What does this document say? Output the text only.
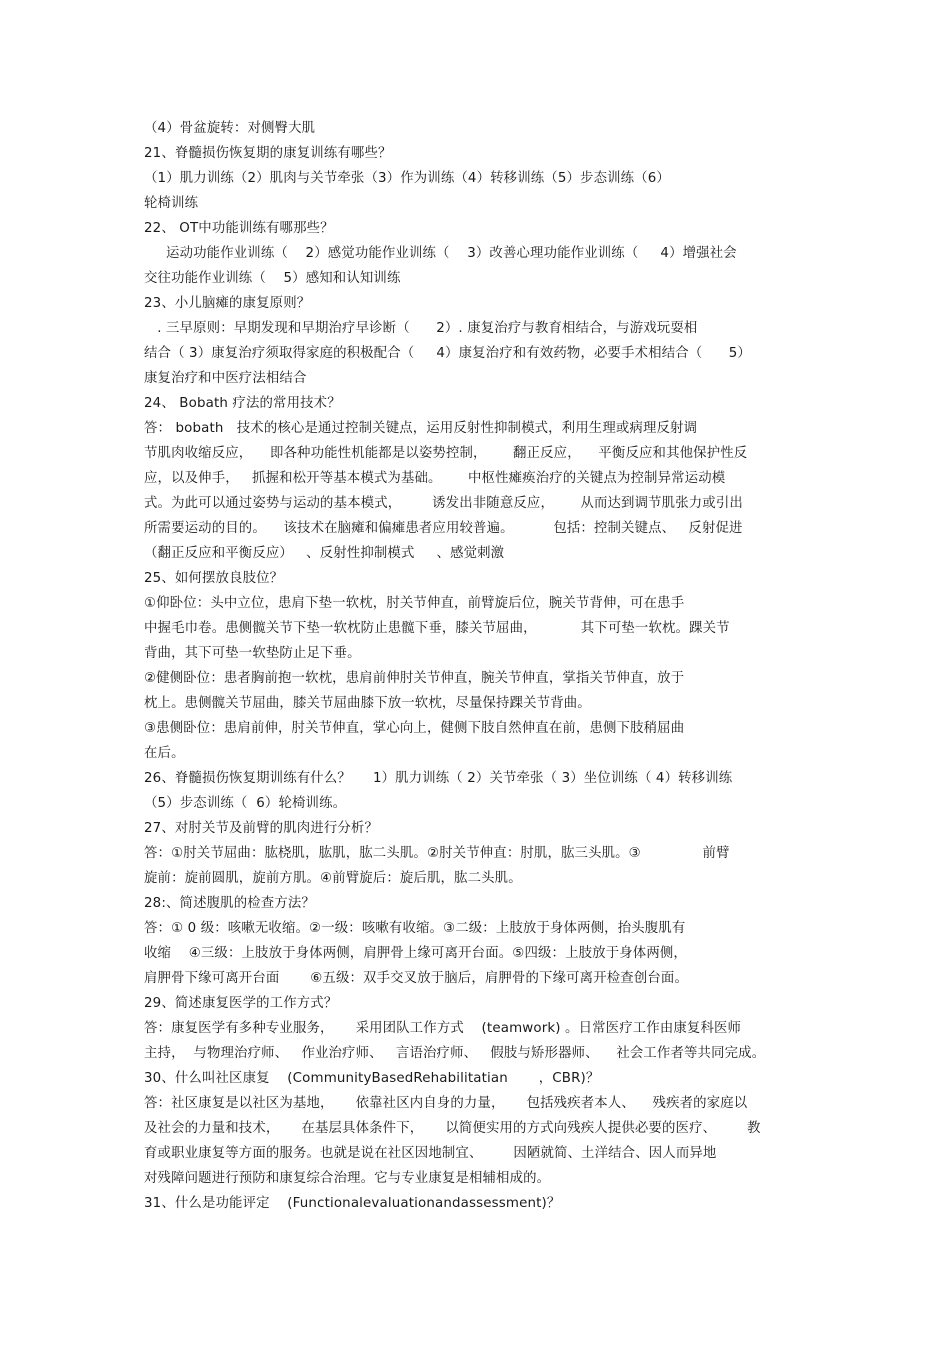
（4）骨盆旋转：对侧臀大肌
21、脊髓损伤恢复期的康复训练有哪些？
（1）肌力训练（2）肌肉与关节牵张（3）作为训练（4）转移训练（5）步态训练（6）
轮椅训练
22、 OT中功能训练有哪那些？
运动功能作业训练（    2）感觉功能作业训练（    3）改善心理功能作业训练（     4）增强社会
交往功能作业训练（    5）感知和认知训练
23、小儿脑瘫的康复原则？
. 三早原则：早期发现和早期治疗早诊断（      2）. 康复治疗与教育相结合，与游戏玩耍相
结合（ 3）康复治疗须取得家庭的积极配合（     4）康复治疗和有效药物，必要手术相结合（      5）
康复治疗和中医疗法相结合
24、 Bobath 疗法的常用技术？
答： bobath   技术的核心是通过控制关键点，运用反射性抑制模式，利用生理或病理反射调
节肌肉收缩反应，    即各种功能性机能都是以姿势控制，      翻正反应，    平衡反应和其他保护性反
应，以及伸手，   抓握和松开等基本模式为基础。      中枢性瘫痪治疗的关键点为控制异常运动模
式。为此可以通过姿势与运动的基本模式，       诱发出非随意反应，      从而达到调节肌张力或引出
所需要运动的目的。    该技术在脑瘫和偏瘫患者应用较普遍。         包括：控制关键点、   反射促进
（翻正反应和平衡反应）   、反射性抑制模式     、感觉刺激
25、如何摆放良肢位？
①仰卧位：头中立位，患肩下垫一软枕，肘关节伸直，前臂旋后位，腕关节背伸，可在患手
中握毛巾卷。患侧髋关节下垫一软枕防止患髋下垂，膝关节屈曲，          其下可垫一软枕。踝关节
背曲，其下可垫一软垫防止足下垂。
②健侧卧位：患者胸前抱一软枕，患肩前伸肘关节伸直，腕关节伸直，掌指关节伸直，放于
枕上。患侧髋关节屈曲，膝关节屈曲膝下放一软枕，尽量保持踝关节背曲。
③患侧卧位：患肩前伸，肘关节伸直，掌心向上，健侧下肢自然伸直在前，患侧下肢稍屈曲
在后。
26、脊髓损伤恢复期训练有什么？     1）肌力训练（ 2）关节牵张（ 3）坐位训练（ 4）转移训练
（5）步态训练（  6）轮椅训练。
27、对肘关节及前臂的肌肉进行分析？
答：①肘关节屈曲：肱桡肌，肱肌，肱二头肌。②肘关节伸直：肘肌，肱三头肌。③              前臂
旋前：旋前圆肌，旋前方肌。④前臂旋后：旋后肌，肱二头肌。
28:、简述腹肌的检查方法？
答：① 0 级：咳嗽无收缩。②一级：咳嗽有收缩。③二级：上肢放于身体两侧，抬头腹肌有
收缩    ④三级：上肢放于身体两侧，肩胛骨上缘可离开台面。⑤四级：上肢放于身体两侧，
肩胛骨下缘可离开台面       ⑥五级：双手交叉放于脑后，肩胛骨的下缘可离开检查创台面。
29、简述康复医学的工作方式？
答：康复医学有多种专业服务，     采用团队工作方式    (teamwork) 。日常医疗工作由康复科医师
主持，  与物理治疗师、   作业治疗师、   言语治疗师、   假肢与矫形器师、    社会工作者等共同完成。
30、什么叫社区康复    (CommunityBasedRehabilitatian       ，CBR)？
答：社区康复是以社区为基地，     依靠社区内自身的力量，     包括残疾者本人、    残疾者的家庭以
及社会的力量和技术，     在基层具体条件下，     以简便实用的方式向残疾人提供必要的医疗、       教
育或职业康复等方面的服务。也就是说在社区因地制宜、       因陋就简、土洋结合、因人而异地
对残障问题进行预防和康复综合治理。它与专业康复是相辅相成的。
31、什么是功能评定    (Functionalevaluationandassessment)？
